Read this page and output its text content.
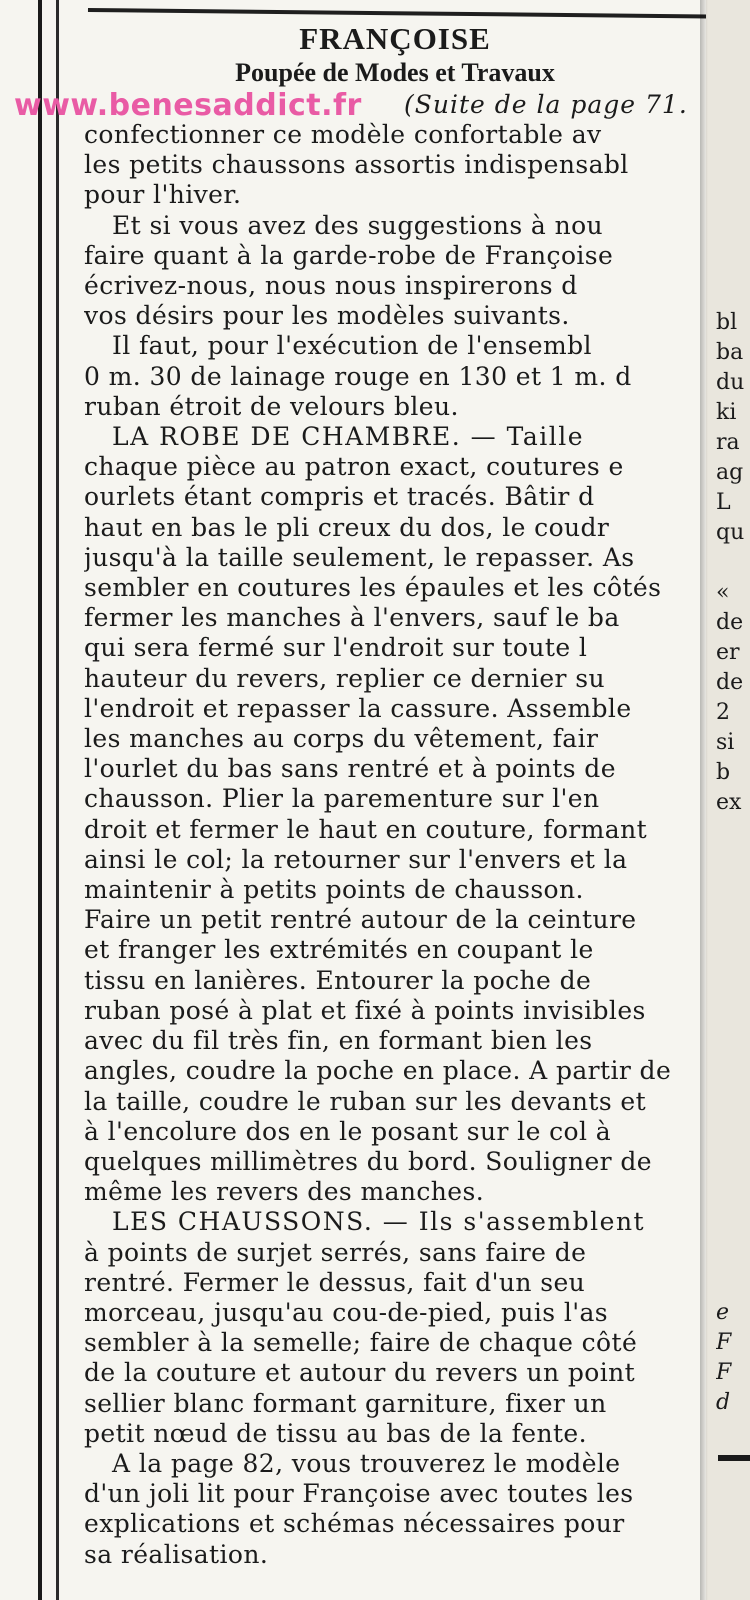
FRANÇOISE
Poupée de Modes et Travaux
www.benesaddict.fr (Suite de la page 71.
confectionner ce modèle confortable av
les petits chaussons assortis indispensabl
pour l'hiver.
Et si vous avez des suggestions à nou
faire quant à la garde-robe de Françoise
écrivez-nous, nous nous inspirerons d
vos désirs pour les modèles suivants.
Il faut, pour l'exécution de l'ensembl
0 m. 30 de lainage rouge en 130 et 1 m. d
ruban étroit de velours bleu.
LA ROBE DE CHAMBRE. — Taille
chaque pièce au patron exact, coutures e
ourlets étant compris et tracés. Bâtir d
haut en bas le pli creux du dos, le coudr
jusqu'à la taille seulement, le repasser. As
sembler en coutures les épaules et les côtés
fermer les manches à l'envers, sauf le ba
qui sera fermé sur l'endroit sur toute l
hauteur du revers, replier ce dernier su
l'endroit et repasser la cassure. Assemble
les manches au corps du vêtement, fair
l'ourlet du bas sans rentré et à points de
chausson. Plier la parementure sur l'en
droit et fermer le haut en couture, formant
ainsi le col; la retourner sur l'envers et la
maintenir à petits points de chausson.
Faire un petit rentré autour de la ceinture
et franger les extrémités en coupant le
tissu en lanières. Entourer la poche de
ruban posé à plat et fixé à points invisibles
avec du fil très fin, en formant bien les
angles, coudre la poche en place. A partir de
la taille, coudre le ruban sur les devants et
à l'encolure dos en le posant sur le col à
quelques millimètres du bord. Souligner de
même les revers des manches.
LES CHAUSSONS. — Ils s'assemblent
à points de surjet serrés, sans faire de
rentré. Fermer le dessus, fait d'un seu
morceau, jusqu'au cou-de-pied, puis l'as
sembler à la semelle; faire de chaque côté
de la couture et autour du revers un point
sellier blanc formant garniture, fixer un
petit nœud de tissu au bas de la fente.
A la page 82, vous trouverez le modèle
d'un joli lit pour Françoise avec toutes les
explications et schémas nécessaires pour
sa réalisation.
bl
ba
du
ki
ra
ag
L
qu
«
de
er
de
2
si
b
ex
e
F
F
d
